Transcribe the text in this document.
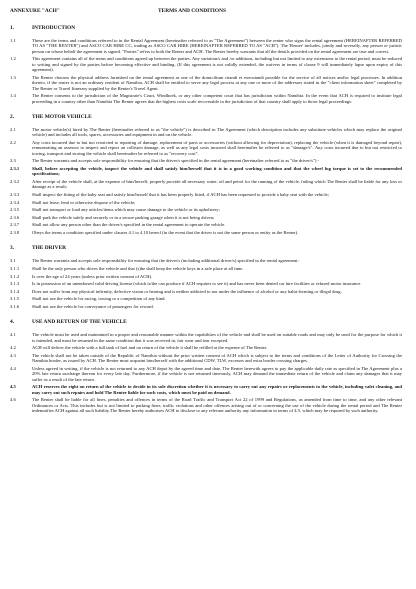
ANNEXURE "ACH"	TERMS AND CONDITIONS
1.	INTRODUCTION
1.1	These are the terms and conditions referred to in the Rental Agreement (hereinafter referred to as "The Agreement") between the renter who signs the rental agreement (HEREINAFTER REFERRED TO AS "THE RENTER") and ASCO CAR HIRE CC, trading as ASCO CAR HIRE (HEREINAFTER REFERRED TO AS "ACH"). The 'Renter' includes, jointly and severally, any person or juristic person on whose behalf the agreement is signed. "Parties" refers to both the Renter and ACH. The Renter hereby warrants that all the details provided on the rental agreement are true and correct.
1.2	This agreement contains all of the terms and conditions agreed up between the parties. Any variation/s and /or additions, including but not limited to any extensions to the rental period, must be reduced to writing and signed by the parties before becoming effective and binding. (If this agreement is not validly extended, the waivers in terms of clause 9 will immediately lapse upon expiry of this agreement).
1.3	The Renter chooses the physical address furnished on the rental agreement as one of the domicilium citandi et executandi possible for the service of all notices and/or legal processes. In addition thereto, if the renter is not an ordinary resident of Namibia, ACH shall be entitled to serve any legal process at any one or more of the addresses stated in the "client information sheet" completed by The Renter or Travel Itinerary supplied by the Renter's Travel Agent.
1.4	The Renter consents to the jurisdiction of the Magistrate's Court, Windhoek, or any other competent court that has jurisdiction within Namibia. In the event that ACH is required to institute legal proceeding in a country other than Namibia The Renter agrees that the highest costs scale recoverable in the jurisdiction of that country shall apply to those legal proceedings.
2.	THE MOTOR VEHICLE
2.1	The motor vehicle(s) hired by The Renter (hereinafter referred to as "the vehicle") is described in The Agreement (which description includes any substitute vehicles which may replace the original vehicle) and includes all tools, spares, accessories and equipment in and on the vehicle.
2.2	Any costs incurred due to but not restricted to repairing of damage, replacement of parts or accessories (without allowing for depreciation), replacing the vehicle (when it is damaged beyond repair), remunerating an assessor to inspect and report on collision damage, as well as any legal costs incurred shall hereinafter be referred to as "damage/s". Any costs incurred due to but not restricted to towing, transport and storing the vehicle shall hereinafter be referred to as "recovery cost".
2.3	The Renter warrants and accepts sole responsibility for ensuring that the driver/s specified in the rental agreement (hereinafter referred to as "the driver/s") -
2.3.1	Shall, before accepting the vehicle, inspect the vehicle and shall satisfy him/herself that it is in a good working condition and that the wheel lug torque is set to the recommended specifications;
2.3.2	After receipt of the vehicle shall, at the expense of him/herself, properly provide all necessary water, oil and petrol for the running of the vehicle, failing which The Renter shall be liable for any loss or damage as a result;
2.3.3	Shall inspect the fitting of the baby seat and satisfy him/herself that it has been properly fitted, if ACH has been requested to provide a baby seat with the vehicle;
2.3.4	Shall not lease, lend or otherwise dispose of the vehicle;
2.3.5	Shall not transport or load any articles/items which may cause damage to the vehicle or its upholstery;
2.3.6	Shall park the vehicle safely and securely or in a secure parking garage when it is not being driven;
2.3.7	Shall not allow any person other than the driver/s specified in the rental agreement to operate the vehicle.
2.3.8	Obeys the terms a condition specified under clauses 4.1 to 4.10 hereof (in the event that the driver is not the same person or entity as the Renter).
3.	THE DRIVER
3.1	The Renter warrants and accepts sole responsibility for ensuring that the driver/s (including additional driver/s) specified in the rental agreement:
3.1.1	Shall be the only person who drives the vehicle and that (s)he shall keep the vehicle keys in a safe place at all time.
3.1.2	Is over the age of 24 years (unless prior written consent of ACH).
3.1.3	Is in possession of an unendorsed valid driving license (which is/the can produce if ACH requires to see it) and has never been denied car hire facilities or refused motor insurance.
3.1.4	Does not suffer from any physical infirmity, defective vision or hearing and is neither addicted to nor under the influence of alcohol or any habit-forming or illegal drug.
3.1.5	Shall not use the vehicle for racing, towing or a competition of any kind.
3.1.6	Shall not use the vehicle for conveyance of passengers for reward.
4.	USE AND RETURN OF THE VEHICLE
4.1	The vehicle must be used and maintained in a proper and reasonable manner within the capabilities of the vehicle and shall be used on suitable roads and may only be used for the purpose for which it is intended, and must be returned in the same condition that it was received in, fair wear and tear excepted.
4.2	ACH will deliver the vehicle with a full tank of fuel and on return of the vehicle it shall be refilled at the expense of The Renter.
4.3	The vehicle shall not be taken outside of the Republic of Namibia without the prior written consent of ACH which is subject to the terms and conditions of the Letter of Authority for Crossing the Namibia border, as issued by ACH. The Renter must acquaint him/herself with the additional CDW, TLW, excesses and extra border crossing charges.
4.4	Unless agreed in writing, if the vehicle is not returned to any ACH depot by the agreed time and date, The Renter herewith agrees to pay the applicable daily rate as specified in The Agreement plus a 20% late return surcharge thereon for every late day. Furthermore, if the vehicle is not returned timeously, ACH may demand the immediate return of the vehicle and claim any damages that it may suffer as a result of the late return.
4.5	ACH reserves the right on return of the vehicle to decide in its sole discretion whether it is necessary to carry out any repairs or replacements to the vehicle, including valet cleaning, and may carry out such repairs and hold The Renter liable for such costs, which must be paid on demand.
4.6	The Renter shall be liable for all fines, penalties and offences in terms of the Road Traffic and Transport Act 22 of 1999 and Regulations, as amended from time to time, and any other relevant Ordinances or Acts. This includes but is not limited to parking fines, traffic violations and other offences arising out of or concerning the use of the vehicle during the rental period and The Renter indemnifies ACH against all such liability.The Renter hereby authorises ACH to disclose to any relevant authority any information in terms of 4.5, which may be required by such authority.
